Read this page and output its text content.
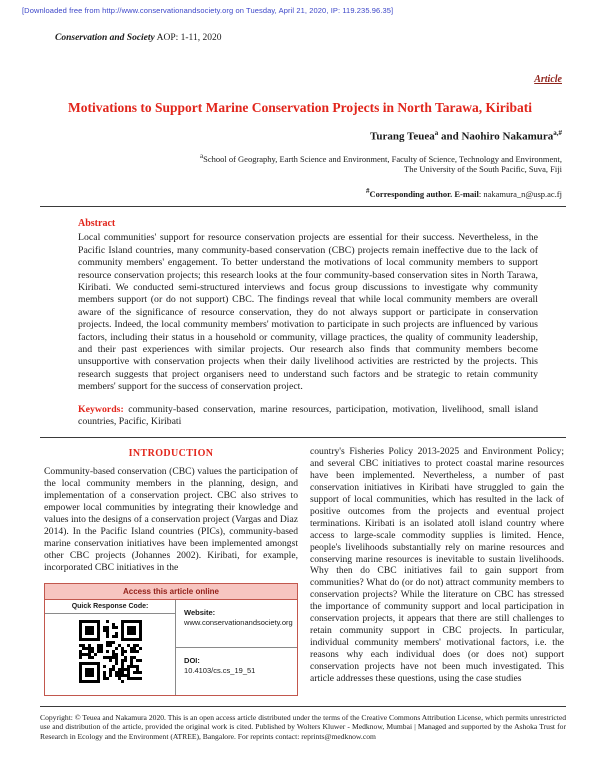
[Downloaded free from http://www.conservationandsociety.org on Tuesday, April 21, 2020, IP: 119.235.96.35]
Conservation and Society AOP: 1-11, 2020
Article
Motivations to Support Marine Conservation Projects in North Tarawa, Kiribati
Turang Teuea$^a$ and Naohiro Nakamura$^{a,\#}$
$^a$School of Geography, Earth Science and Environment, Faculty of Science, Technology and Environment,
The University of the South Pacific, Suva, Fiji
#Corresponding author. E-mail: nakamura_n@usp.ac.fj
Abstract
Local communities' support for resource conservation projects are essential for their success. Nevertheless, in the Pacific Island countries, many community-based conservation (CBC) projects remain ineffective due to the lack of community members' engagement. To better understand the motivations of local community members to support resource conservation projects; this research looks at the four community-based conservation sites in North Tarawa, Kiribati. We conducted semi-structured interviews and focus group discussions to investigate why community members support (or do not support) CBC. The findings reveal that while local community members are overall aware of the significance of resource conservation, they do not always support or participate in conservation projects. Indeed, the local community members' motivation to participate in such projects are influenced by various factors, including their status in a household or community, village practices, the quality of community leadership, and their past experiences with similar projects. Our research also finds that community members become unsupportive with conservation projects when their daily livelihood activities are restricted by the projects. This research suggests that project organisers need to understand such factors and be strategic to retain community members' support for the success of conservation project.
Keywords: community-based conservation, marine resources, participation, motivation, livelihood, small island countries, Pacific, Kiribati
INTRODUCTION
Community-based conservation (CBC) values the participation of the local community members in the planning, design, and implementation of a conservation project. CBC also strives to empower local communities by integrating their knowledge and values into the designs of a conservation project (Vargas and Diaz 2014). In the Pacific Island countries (PICs), community-based marine conservation initiatives have been implemented amongst other CBC projects (Johannes 2002). Kiribati, for example, incorporated CBC initiatives in the
Access this article online
Quick Response Code:
Website:
www.conservationandsociety.org
DOI:
10.4103/cs.cs_19_51
country's Fisheries Policy 2013-2025 and Environment Policy; and several CBC initiatives to protect coastal marine resources have been implemented. Nevertheless, a number of past conservation initiatives in Kiribati have struggled to gain the support of local communities, which has resulted in the lack of positive outcomes from the projects and eventual project terminations. Kiribati is an isolated atoll island country where access to large-scale commodity supplies is limited. Hence, people's livelihoods substantially rely on marine resources and conserving marine resources is inevitable to sustain livelihoods. Why then do CBC initiatives fail to gain support from communities? What do (or do not) attract community members to conservation projects? While the literature on CBC has stressed the importance of community support and local participation in conservation projects, it appears that there are still challenges to retain community support in CBC projects. In particular, individual community members' motivational factors, i.e. the reasons why each individual does (or does not) support conservation projects have not been much investigated. This article addresses these questions, using the case studies
Copyright: © Teuea and Nakamura 2020. This is an open access article distributed under the terms of the Creative Commons Attribution License, which permits unrestricted use and distribution of the article, provided the original work is cited. Published by Wolters Kluwer - Medknow, Mumbai | Managed and supported by the Ashoka Trust for Research in Ecology and the Environment (ATREE), Bangalore. For reprints contact: reprints@medknow.com
